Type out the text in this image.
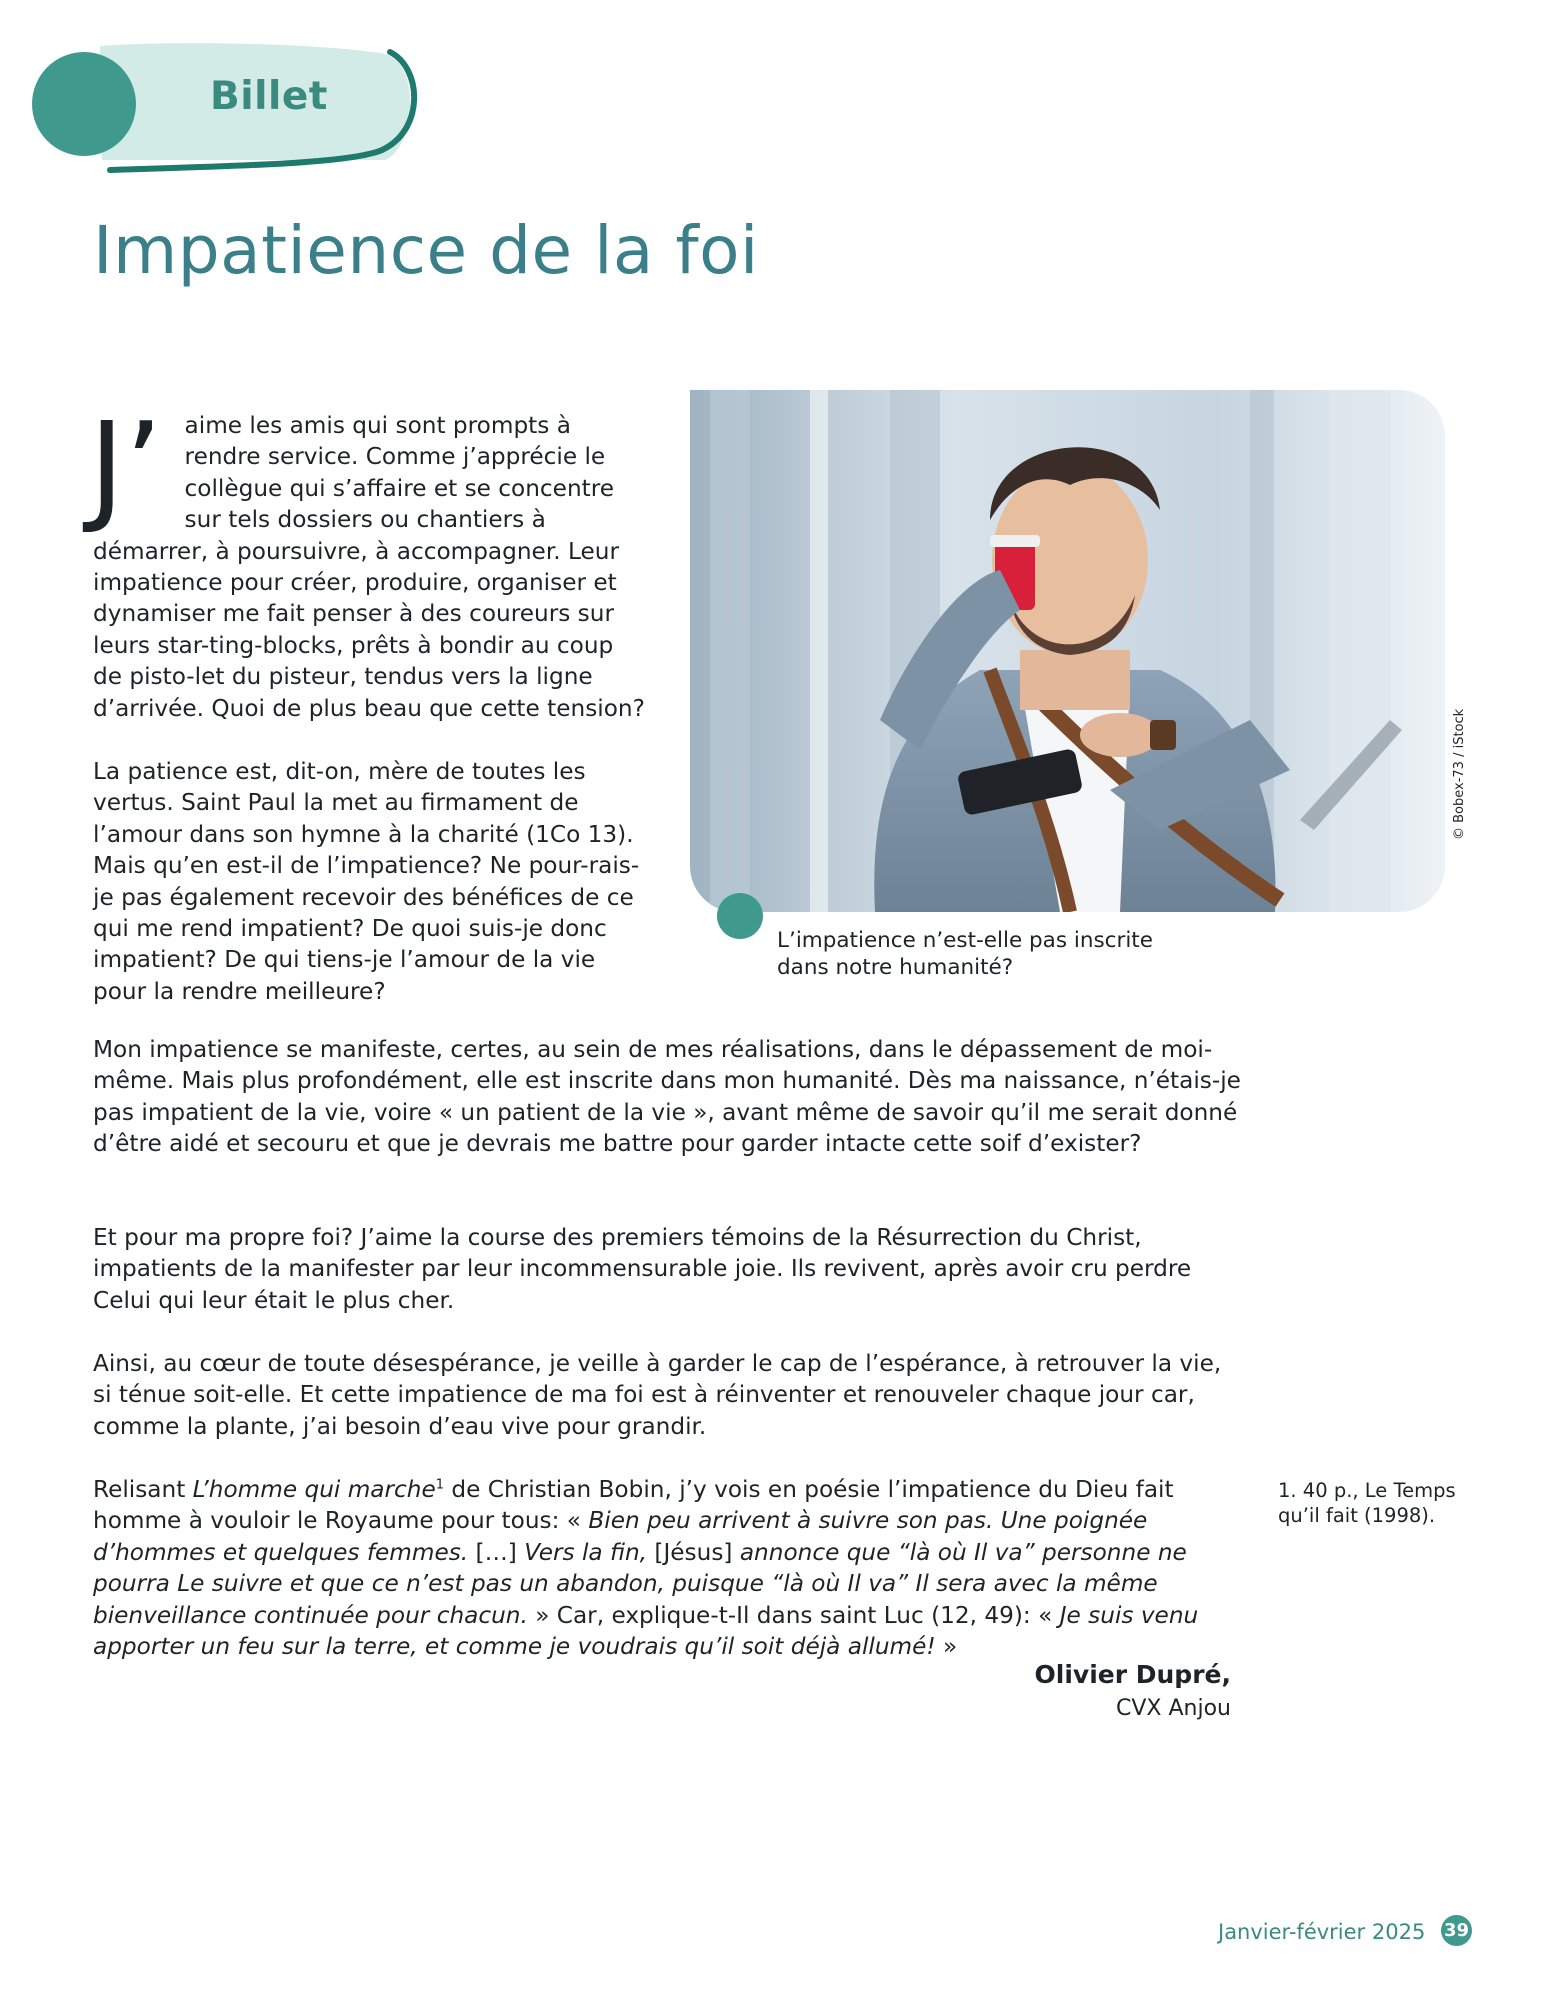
Billet
Impatience de la foi
J’ aime les amis qui sont prompts à rendre service. Comme j’apprécie le collègue qui s’affaire et se concentre sur tels dossiers ou chantiers à démarrer, à poursuivre, à accompagner. Leur impatience pour créer, produire, organiser et dynamiser me fait penser à des coureurs sur leurs star-ting-blocks, prêts à bondir au coup de pisto-let du pisteur, tendus vers la ligne d’arrivée. Quoi de plus beau que cette tension?
La patience est, dit-on, mère de toutes les vertus. Saint Paul la met au firmament de l’amour dans son hymne à la charité (1Co 13). Mais qu’en est-il de l’impatience? Ne pour-rais-je pas également recevoir des bénéfices de ce qui me rend impatient? De quoi suis-je donc impatient? De qui tiens-je l’amour de la vie pour la rendre meilleure?
L’impatience n’est-elle pas inscrite dans notre humanité?
© Bobex-73 / iStock
Mon impatience se manifeste, certes, au sein de mes réalisations, dans le dépassement de moi-même. Mais plus profondément, elle est inscrite dans mon humanité. Dès ma naissance, n’étais-je pas impatient de la vie, voire « un patient de la vie », avant même de savoir qu’il me serait donné d’être aidé et secouru et que je devrais me battre pour garder intacte cette soif d’exister?
Et pour ma propre foi? J’aime la course des premiers témoins de la Résurrection du Christ, impatients de la manifester par leur incommensurable joie. Ils revivent, après avoir cru perdre Celui qui leur était le plus cher.
Ainsi, au cœur de toute désespérance, je veille à garder le cap de l’espérance, à retrouver la vie, si ténue soit-elle. Et cette impatience de ma foi est à réinventer et renouveler chaque jour car, comme la plante, j’ai besoin d’eau vive pour grandir.
Relisant L’homme qui marche$^1$ de Christian Bobin, j’y vois en poésie l’impatience du Dieu fait homme à vouloir le Royaume pour tous: « Bien peu arrivent à suivre son pas. Une poignée d’hommes et quelques femmes. […] Vers la fin, [Jésus] annonce que “là où Il va” personne ne pourra Le suivre et que ce n’est pas un abandon, puisque “là où Il va” Il sera avec la même bienveillance continuée pour chacun. » Car, explique-t-Il dans saint Luc (12, 49): « Je suis venu apporter un feu sur la terre, et comme je voudrais qu’il soit déjà allumé! »
1. 40 p., Le Temps qu’il fait (1998).
Olivier Dupré,
CVX Anjou
Janvier-février 2025 39
